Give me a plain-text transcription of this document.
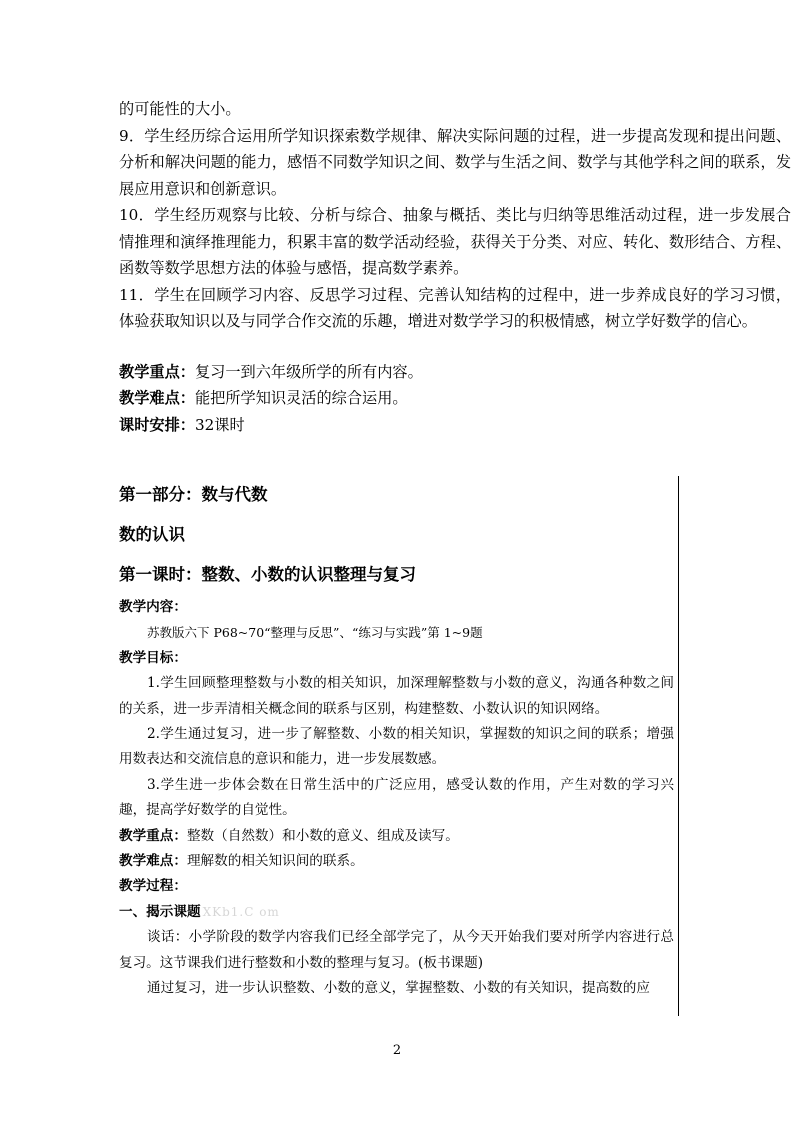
的可能性的大小。

9．学生经历综合运用所学知识探索数学规律、解决实际问题的过程，进一步提高发现和提出问题、分析和解决问题的能力，感悟不同数学知识之间、数学与生活之间、数学与其他学科之间的联系，发展应用意识和创新意识。

10．学生经历观察与比较、分析与综合、抽象与概括、类比与归纳等思维活动过程，进一步发展合情推理和演绎推理能力，积累丰富的数学活动经验，获得关于分类、对应、转化、数形结合、方程、函数等数学思想方法的体验与感悟，提高数学素养。

11．学生在回顾学习内容、反思学习过程、完善认知结构的过程中，进一步养成良好的学习习惯，体验获取知识以及与同学合作交流的乐趣，增进对数学学习的积极情感，树立学好数学的信心。

教学重点：复习一到六年级所学的所有内容。

教学难点：能把所学知识灵活的综合运用。

课时安排：32课时

第一部分：数与代数

数的认识

第一课时：整数、小数的认识整理与复习

教学内容：

苏教版六下 P68~70“整理与反思”、“练习与实践”第 1~9题

教学目标：

1.学生回顾整理整数与小数的相关知识，加深理解整数与小数的意义，沟通各种数之间的关系，进一步弄清相关概念间的联系与区别，构建整数、小数认识的知识网络。

2.学生通过复习，进一步了解整数、小数的相关知识，掌握数的知识之间的联系；增强用数表达和交流信息的意识和能力，进一步发展数感。

3.学生进一步体会数在日常生活中的广泛应用，感受认数的作用，产生对数的学习兴趣，提高学好数学的自觉性。

教学重点：整数（自然数）和小数的意义、组成及读写。

教学难点：理解数的相关知识间的联系。

教学过程：

一、揭示课题 XKb1.C om

谈话：小学阶段的数学内容我们已经全部学完了，从今天开始我们要对所学内容进行总复习。这节课我们进行整数和小数的整理与复习。(板书课题)

通过复习，进一步认识整数、小数的意义，掌握整数、小数的有关知识，提高数的应

2
